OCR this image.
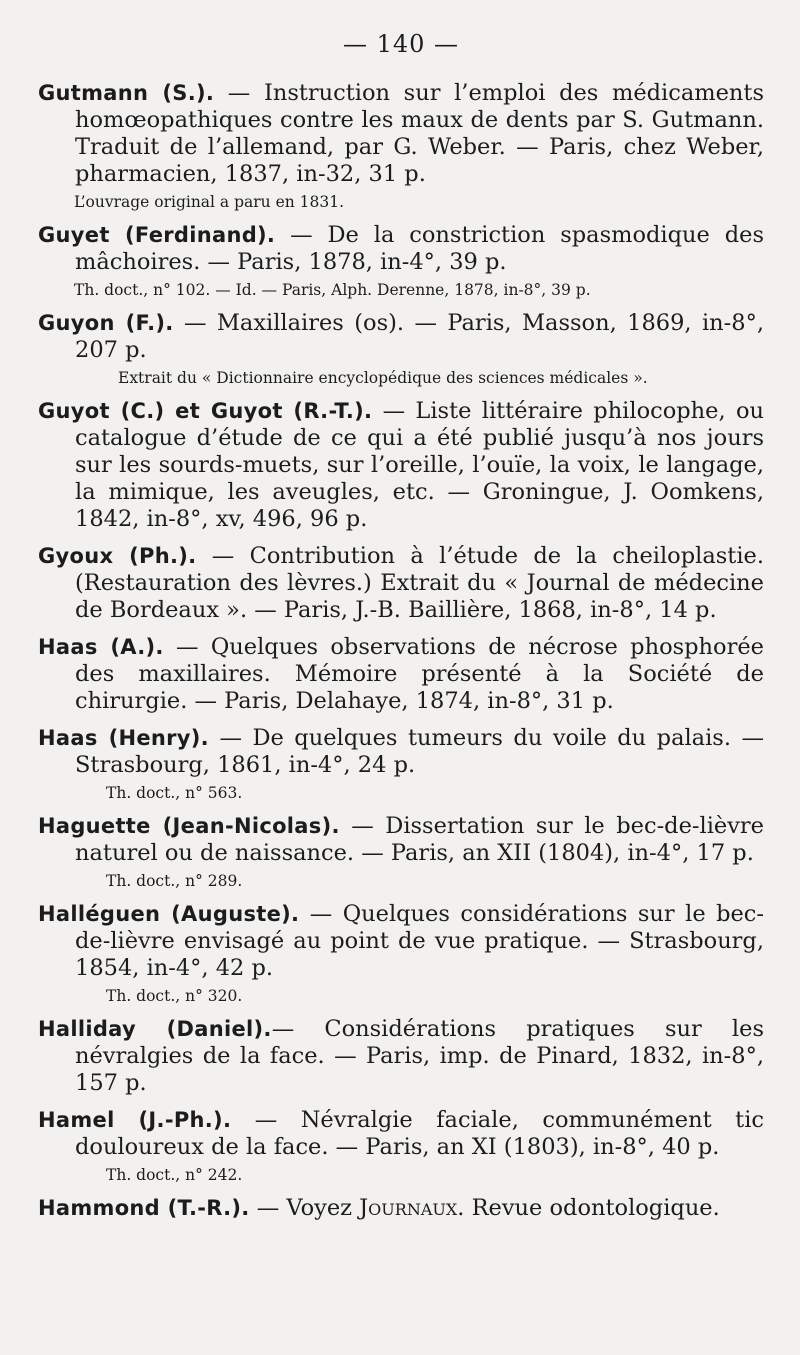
— 140 —

Gutmann (S.). — Instruction sur l’emploi des médicaments homœopathiques contre les maux de dents par S. Gutmann. Traduit de l’allemand, par G. Weber. — Paris, chez Weber, pharmacien, 1837, in-32, 31 p.

L’ouvrage original a paru en 1831.

Guyet (Ferdinand). — De la constriction spasmodique des mâchoires. — Paris, 1878, in-4°, 39 p.

Th. doct., n° 102. — Id. — Paris, Alph. Derenne, 1878, in-8°, 39 p.

Guyon (F.). — Maxillaires (os). — Paris, Masson, 1869, in-8°, 207 p.

Extrait du « Dictionnaire encyclopédique des sciences médicales ».

Guyot (C.) et Guyot (R.-T.). — Liste littéraire philocophe, ou catalogue d’étude de ce qui a été publié jusqu’à nos jours sur les sourds-muets, sur l’oreille, l’ouïe, la voix, le langage, la mimique, les aveugles, etc. — Groningue, J. Oomkens, 1842, in-8°, xv, 496, 96 p.

Gyoux (Ph.). — Contribution à l’étude de la cheiloplastie. (Restauration des lèvres.) Extrait du « Journal de médecine de Bordeaux ». — Paris, J.-B. Baillière, 1868, in-8°, 14 p.

Haas (A.). — Quelques observations de nécrose phosphorée des maxillaires. Mémoire présenté à la Société de chirurgie. — Paris, Delahaye, 1874, in-8°, 31 p.

Haas (Henry). — De quelques tumeurs du voile du palais. — Strasbourg, 1861, in-4°, 24 p.

Th. doct., n° 563.

Haguette (Jean-Nicolas). — Dissertation sur le bec-de-lièvre naturel ou de naissance. — Paris, an XII (1804), in-4°, 17 p.

Th. doct., n° 289.

Halléguen (Auguste). — Quelques considérations sur le bec-de-lièvre envisagé au point de vue pratique. — Strasbourg, 1854, in-4°, 42 p.

Th. doct., n° 320.

Halliday (Daniel).— Considérations pratiques sur les névralgies de la face. — Paris, imp. de Pinard, 1832, in-8°, 157 p.

Hamel (J.-Ph.). — Névralgie faciale, communément tic douloureux de la face. — Paris, an XI (1803), in-8°, 40 p.

Th. doct., n° 242.

Hammond (T.-R.). — Voyez Journaux. Revue odontologique.
